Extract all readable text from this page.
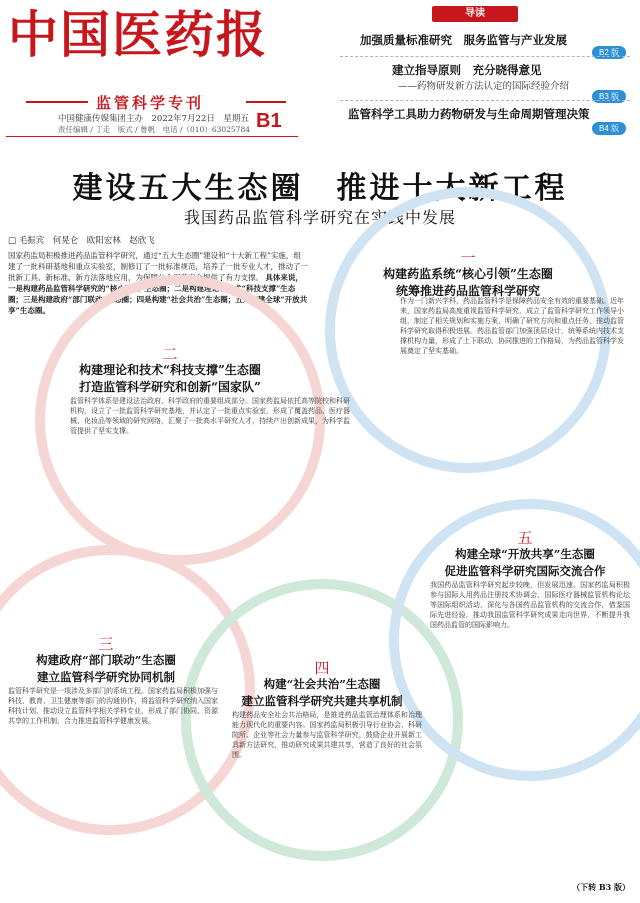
中国医药报
监管科学专刊
B1
中国健康传媒集团主办　2022年7月22日　星期五
责任编辑 / 丁走　版式 / 鲁帆　电话 /（010）63025784
导读
加强质量标准研究　服务监管与产业发展
B2 版
建立指导原则　充分晓得意见
——药物研发新方法认定的国际经验介绍
B3 版
监管科学工具助力药物研发与生命周期管理决策
B4 版
建设五大生态圈　推进十大新工程
我国药品监管科学研究在实践中发展
□ 毛振宾　何晃仑　欧阳宏林　赵欣飞
国家药监局积极推进药品监管科学研究，通过“五大生态圈”建设和“十大新工程”实施，组建了一批科研基地和重点实验室，制修订了一批标准规范，培养了一批专业人才，推动了一批新工具、新标准、新方法落地应用，为保障公众用药安全提供了有力支撑。 具体来说，一是构建药品监管科学研究的“核心引领”生态圈；二是构建理论和技术“科技支撑”生态圈；三是构建政府“部门联动”生态圈；四是构建“社会共治”生态圈；五是构建全球“开放共享”生态圈。
一
构建药监系统“核心引领”生态圈
统筹推进药品监管科学研究
作为一门新兴学科，药品监管科学是保障药品安全有效的重要基础。近年来，国家药监局高度重视监管科学研究，成立了监管科学研究工作领导小组，制定了相关规划和实施方案，明确了研究方向和重点任务，推动监管科学研究取得积极进展。药品监管部门加强顶层设计，统筹系统内技术支撑机构力量，形成了上下联动、协同推进的工作格局，为药品监管科学发展奠定了坚实基础。
二
构建理论和技术“科技支撑”生态圈
打造监管科学研究和创新“国家队”
监管科学体系是建设法治政府、科学政府的重要组成部分。国家药监局依托高等院校和科研机构，设立了一批监管科学研究基地，并认定了一批重点实验室，形成了覆盖药品、医疗器械、化妆品等领域的研究网络，汇聚了一批高水平研究人才，持续产出创新成果，为科学监管提供了坚实支撑。
三
构建政府“部门联动”生态圈
建立监管科学研究协同机制
监管科学研究是一项涉及多部门的系统工程。国家药监局积极加强与科技、教育、卫生健康等部门的沟通协作，将监管科学研究纳入国家科技计划，推动设立监管科学相关学科专业，形成了部门协同、资源共享的工作机制，合力推进监管科学健康发展。
四
构建“社会共治”生态圈
建立监管科学研究共建共享机制
构建药品安全社会共治格局，是推进药品监管治理体系和治理能力现代化的重要内容。国家药监局积极引导行业协会、科研院所、企业等社会力量参与监管科学研究，鼓励企业开展新工具新方法研究，推动研究成果共建共享，营造了良好的社会氛围。
五
构建全球“开放共享”生态圈
促进监管科学研究国际交流合作
我国药品监管科学研究起步较晚，但发展迅速。国家药监局积极参与国际人用药品注册技术协调会、国际医疗器械监管机构论坛等国际组织活动，深化与各国药品监管机构的交流合作，借鉴国际先进经验，推动我国监管科学研究成果走向世界，不断提升我国药品监管的国际影响力。
（下转 B3 版）
